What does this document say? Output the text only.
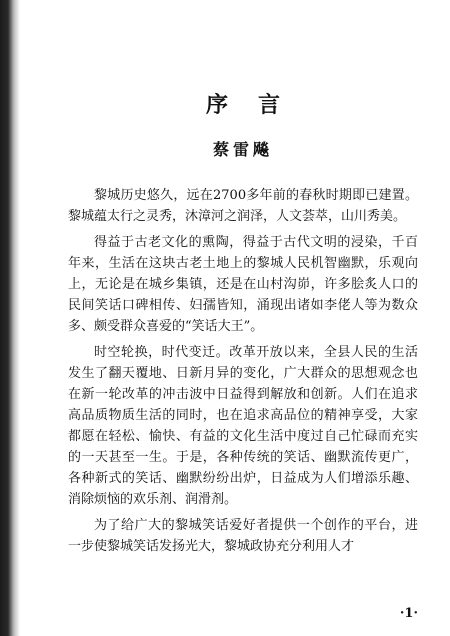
序言
蔡雷飚

黎城历史悠久，远在2700多年前的春秋时期即已建置。黎城蕴太行之灵秀，沐漳河之润泽，人文荟萃，山川秀美。

得益于古老文化的熏陶，得益于古代文明的浸染，千百年来，生活在这块古老土地上的黎城人民机智幽默，乐观向上，无论是在城乡集镇，还是在山村沟峁，许多脍炙人口的民间笑话口碑相传、妇孺皆知，涌现出诸如李佬人等为数众多、颇受群众喜爱的“笑话大王”。

时空轮换，时代变迁。改革开放以来，全县人民的生活发生了翻天覆地、日新月异的变化，广大群众的思想观念也在新一轮改革的冲击波中日益得到解放和创新。人们在追求高品质物质生活的同时，也在追求高品位的精神享受，大家都愿在轻松、愉快、有益的文化生活中度过自己忙碌而充实的一天甚至一生。于是，各种传统的笑话、幽默流传更广，各种新式的笑话、幽默纷纷出炉，日益成为人们增添乐趣、消除烦恼的欢乐剂、润滑剂。

为了给广大的黎城笑话爱好者提供一个创作的平台，进一步使黎城笑话发扬光大，黎城政协充分利用人才

·1·
